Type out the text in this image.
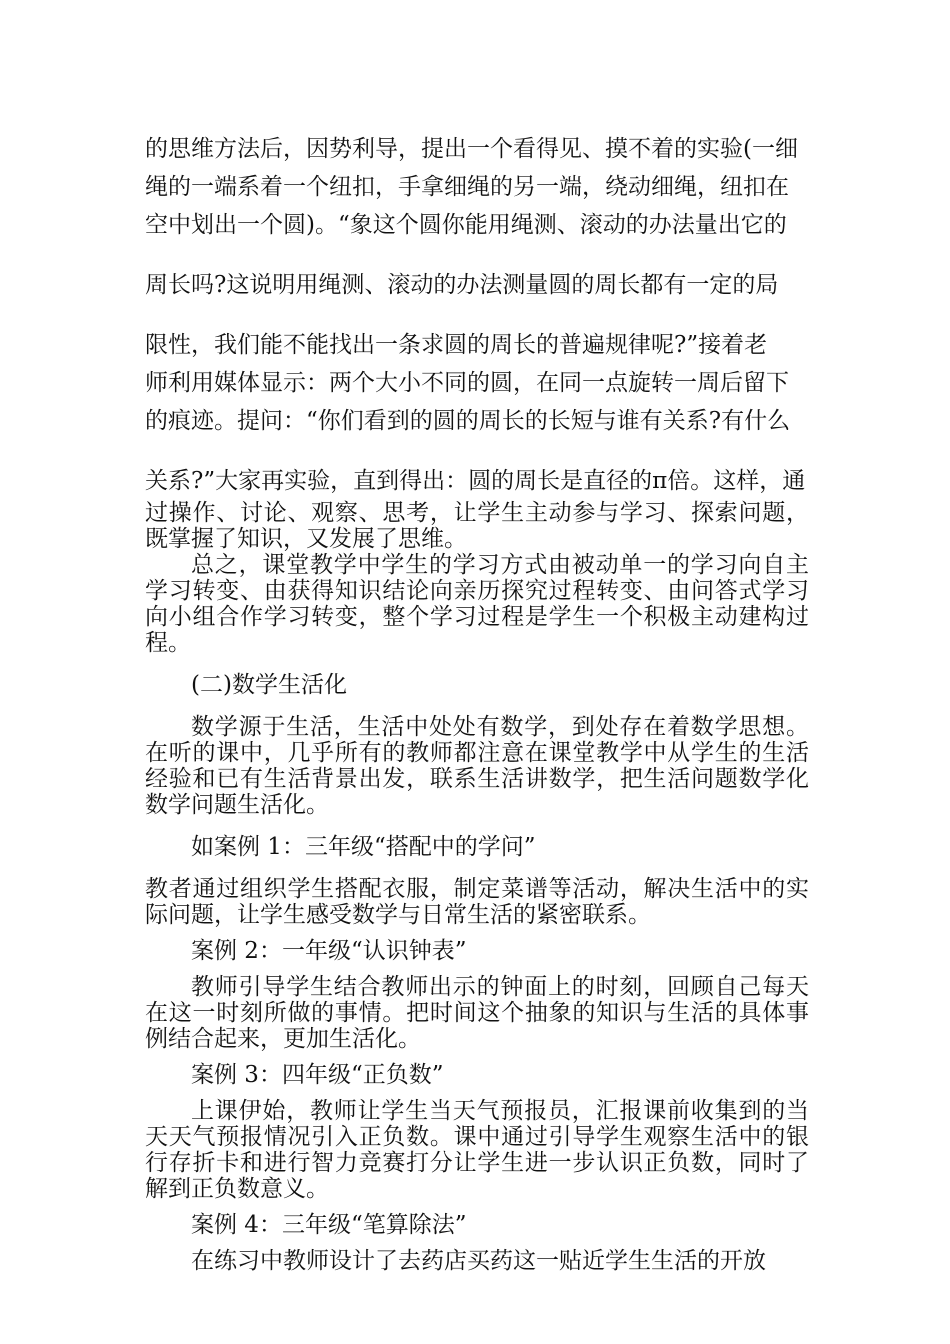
的思维方法后，因势利导，提出一个看得见、摸不着的实验(一细
绳的一端系着一个纽扣，手拿细绳的另一端，绕动细绳，纽扣在
空中划出一个圆)。“象这个圆你能用绳测、滚动的办法量出它的
周长吗?这说明用绳测、滚动的办法测量圆的周长都有一定的局
限性，我们能不能找出一条求圆的周长的普遍规律呢?”接着老
师利用媒体显示：两个大小不同的圆，在同一点旋转一周后留下
的痕迹。提问：“你们看到的圆的周长的长短与谁有关系?有什么
关系?”大家再实验，直到得出：圆的周长是直径的π倍。这样，通

过操作、讨论、观察、思考，让学生主动参与学习、探索问题，既掌握了知识，又发展了思维。

总之，课堂教学中学生的学习方式由被动单一的学习向自主学习转变、由获得知识结论向亲历探究过程转变、由问答式学习向小组合作学习转变，整个学习过程是学生一个积极主动建构过程。

(二)数学生活化

数学源于生活，生活中处处有数学，到处存在着数学思想。在听的课中，几乎所有的教师都注意在课堂教学中从学生的生活经验和已有生活背景出发，联系生活讲数学，把生活问题数学化数学问题生活化。

如案例 1：三年级“搭配中的学问”

教者通过组织学生搭配衣服，制定菜谱等活动，解决生活中的实际问题，让学生感受数学与日常生活的紧密联系。

案例 2：一年级“认识钟表”

教师引导学生结合教师出示的钟面上的时刻，回顾自己每天在这一时刻所做的事情。把时间这个抽象的知识与生活的具体事例结合起来，更加生活化。

案例 3：四年级“正负数”

上课伊始，教师让学生当天气预报员，汇报课前收集到的当天天气预报情况引入正负数。课中通过引导学生观察生活中的银行存折卡和进行智力竞赛打分让学生进一步认识正负数，同时了解到正负数意义。

案例 4：三年级“笔算除法”

在练习中教师设计了去药店买药这一贴近学生生活的开放
